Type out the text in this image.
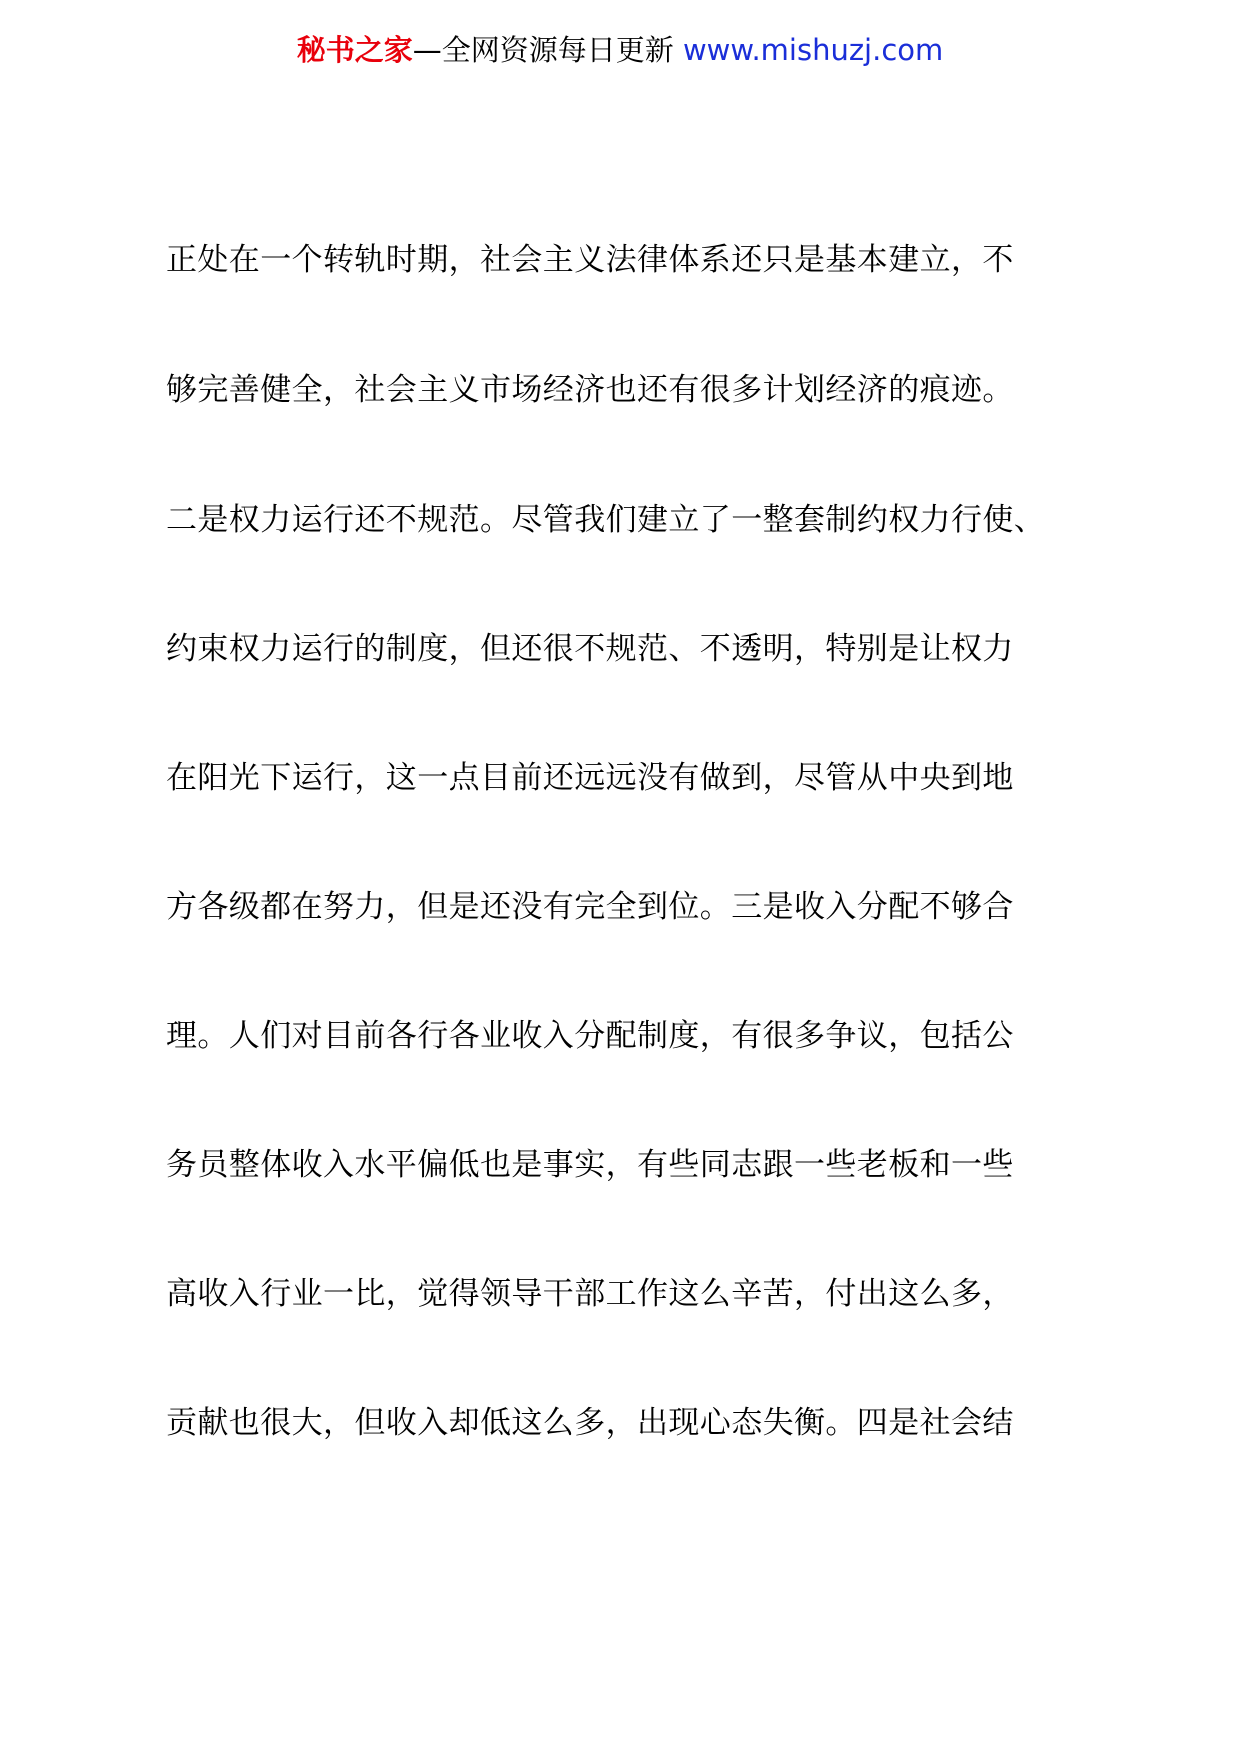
秘书之家—全网资源每日更新 www.mishuzj.com
正处在一个转轨时期，社会主义法律体系还只是基本建立，不
够完善健全，社会主义市场经济也还有很多计划经济的痕迹。
二是权力运行还不规范。尽管我们建立了一整套制约权力行使、
约束权力运行的制度，但还很不规范、不透明，特别是让权力
在阳光下运行，这一点目前还远远没有做到，尽管从中央到地
方各级都在努力，但是还没有完全到位。三是收入分配不够合
理。人们对目前各行各业收入分配制度，有很多争议，包括公
务员整体收入水平偏低也是事实，有些同志跟一些老板和一些
高收入行业一比，觉得领导干部工作这么辛苦，付出这么多，
贡献也很大，但收入却低这么多，出现心态失衡。四是社会结
